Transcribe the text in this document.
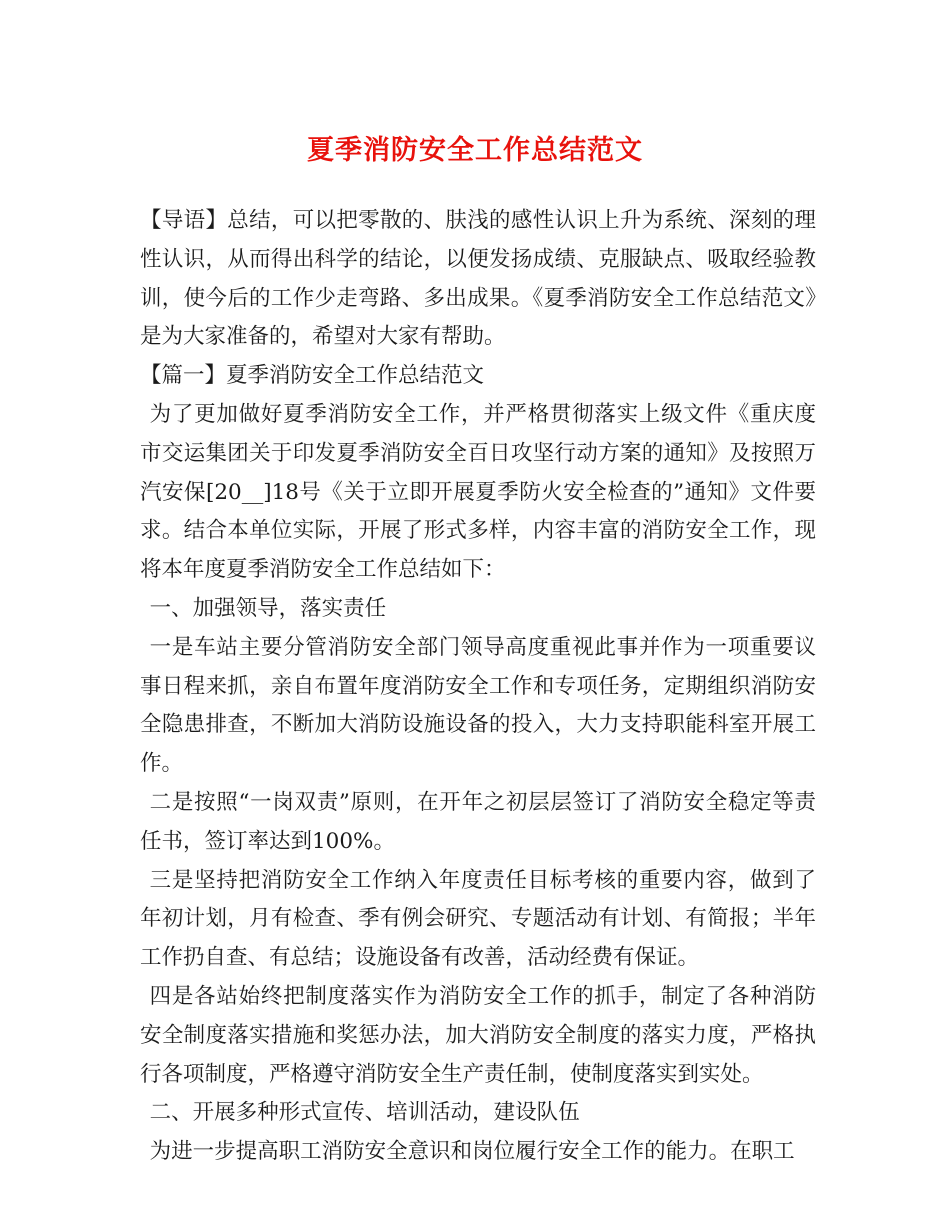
夏季消防安全工作总结范文

【导语】总结，可以把零散的、肤浅的感性认识上升为系统、深刻的理性认识，从而得出科学的结论，以便发扬成绩、克服缺点、吸取经验教训，使今后的工作少走弯路、多出成果。《夏季消防安全工作总结范文》是为大家准备的，希望对大家有帮助。

【篇一】夏季消防安全工作总结范文

为了更加做好夏季消防安全工作，并严格贯彻落实上级文件《重庆度市交运集团关于印发夏季消防安全百日攻坚行动方案的通知》及按照万汽安保[20__]18号《关于立即开展夏季防火安全检查的”通知》文件要求。结合本单位实际，开展了形式多样，内容丰富的消防安全工作，现将本年度夏季消防安全工作总结如下：

一、加强领导，落实责任

一是车站主要分管消防安全部门领导高度重视此事并作为一项重要议事日程来抓，亲自布置年度消防安全工作和专项任务，定期组织消防安全隐患排查，不断加大消防设施设备的投入，大力支持职能科室开展工作。

二是按照“一岗双责”原则，在开年之初层层签订了消防安全稳定等责任书，签订率达到100%。

三是坚持把消防安全工作纳入年度责任目标考核的重要内容，做到了年初计划，月有检查、季有例会研究、专题活动有计划、有简报；半年工作扔自查、有总结；设施设备有改善，活动经费有保证。

四是各站始终把制度落实作为消防安全工作的抓手，制定了各种消防安全制度落实措施和奖惩办法，加大消防安全制度的落实力度，严格执行各项制度，严格遵守消防安全生产责任制，使制度落实到实处。

二、开展多种形式宣传、培训活动，建设队伍

为进一步提高职工消防安全意识和岗位履行安全工作的能力。在职工
